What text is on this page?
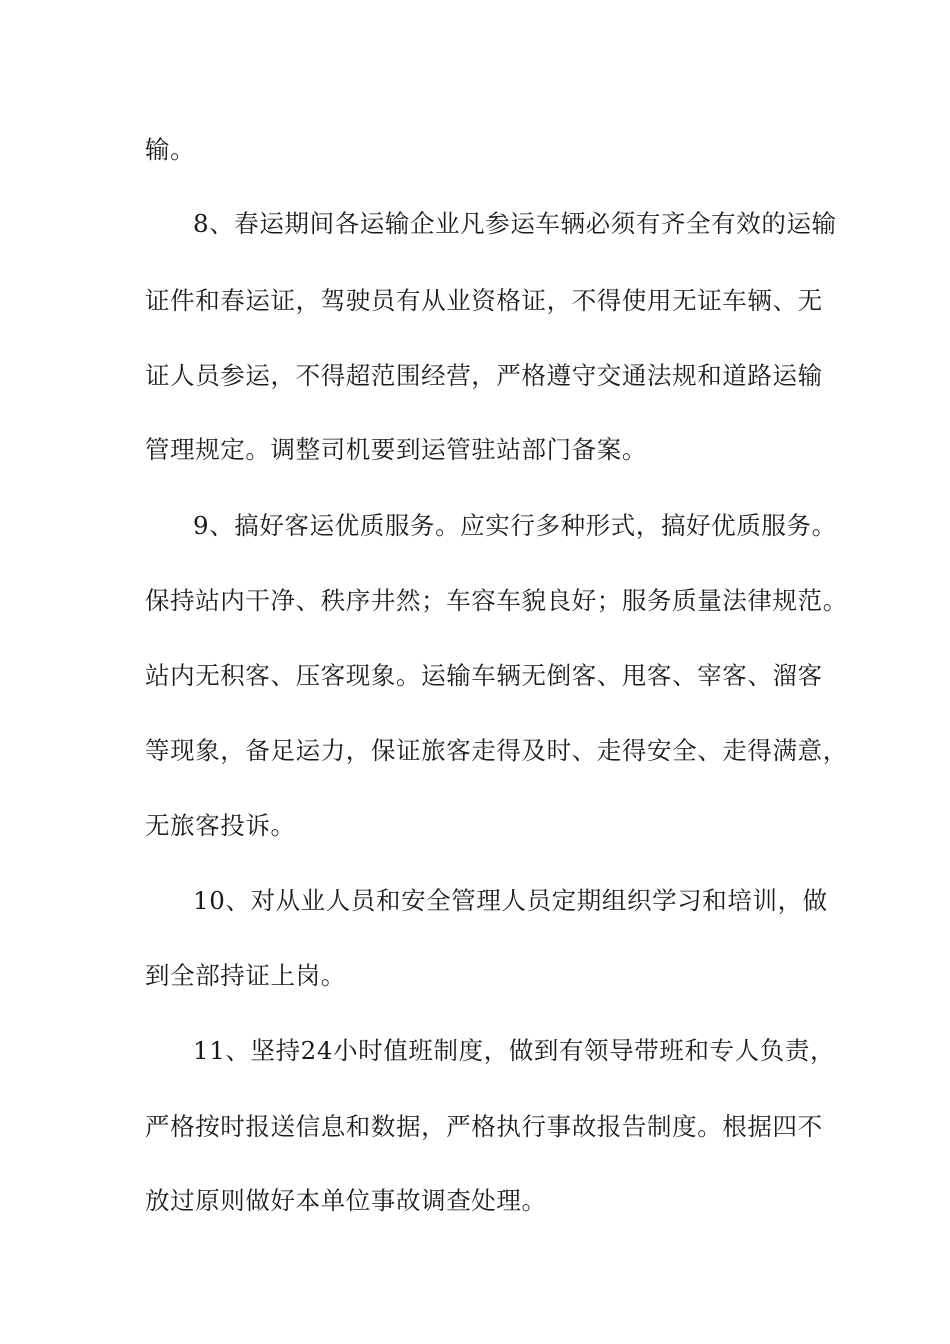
输。
8、春运期间各运输企业凡参运车辆必须有齐全有效的运输
证件和春运证，驾驶员有从业资格证，不得使用无证车辆、无
证人员参运，不得超范围经营，严格遵守交通法规和道路运输
管理规定。调整司机要到运管驻站部门备案。
9、搞好客运优质服务。应实行多种形式，搞好优质服务。
保持站内干净、秩序井然；车容车貌良好；服务质量法律规范。
站内无积客、压客现象。运输车辆无倒客、甩客、宰客、溜客
等现象，备足运力，保证旅客走得及时、走得安全、走得满意，
无旅客投诉。
10、对从业人员和安全管理人员定期组织学习和培训，做
到全部持证上岗。
11、坚持24小时值班制度，做到有领导带班和专人负责，
严格按时报送信息和数据，严格执行事故报告制度。根据四不
放过原则做好本单位事故调查处理。
